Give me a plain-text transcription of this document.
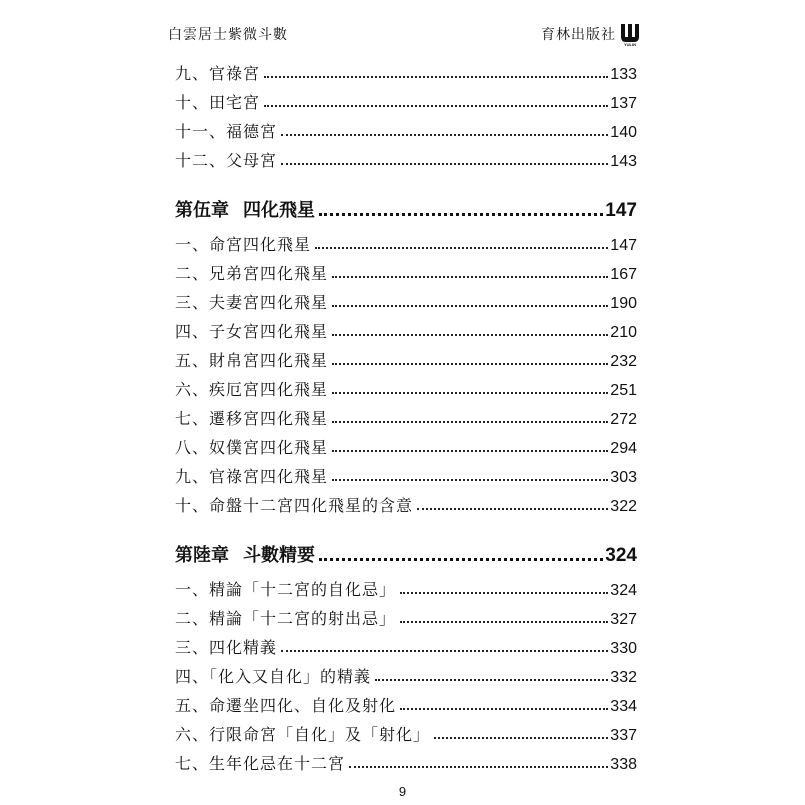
白雲居士紫微斗數	育林出版社
YULIN
九、官祿宮	133
十、田宅宮	137
十一、福德宮	140
十二、父母宮	143
第伍章 四化飛星	147
一、命宮四化飛星	147
二、兄弟宮四化飛星	167
三、夫妻宮四化飛星	190
四、子女宮四化飛星	210
五、財帛宮四化飛星	232
六、疾厄宮四化飛星	251
七、遷移宮四化飛星	272
八、奴僕宮四化飛星	294
九、官祿宮四化飛星	303
十、命盤十二宮四化飛星的含意	322
第陸章 斗數精要	324
一、精論「十二宮的自化忌」	324
二、精論「十二宮的射出忌」	327
三、四化精義	330
四、「化入又自化」的精義	332
五、命遷坐四化、自化及射化	334
六、行限命宮「自化」及「射化」	337
七、生年化忌在十二宮	338
9
